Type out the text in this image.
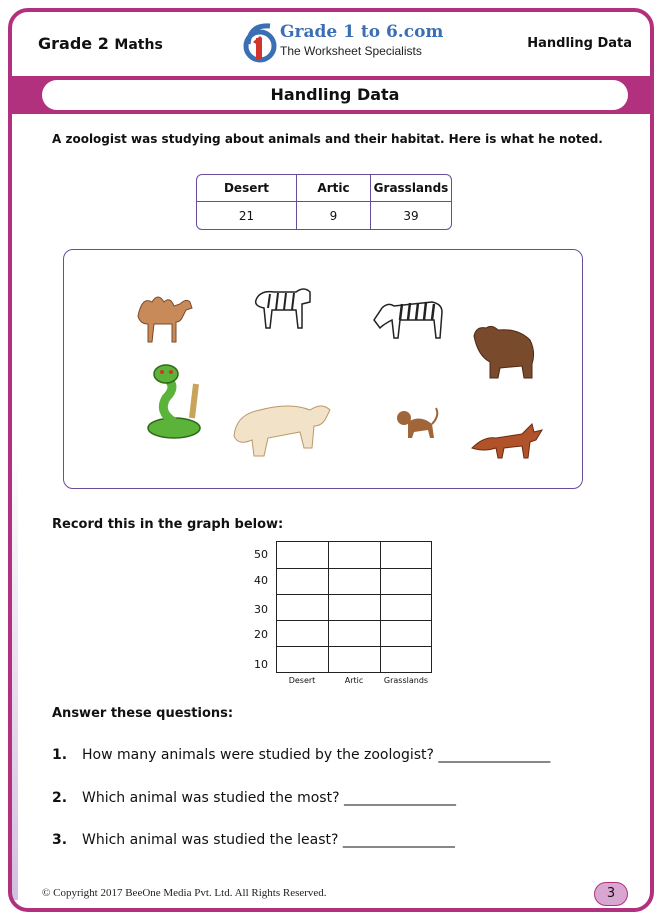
Grade 2 Maths
Grade 1 to 6.com
The Worksheet Specialists	Handling Data
Handling Data
A zoologist was studying about animals and their habitat. Here is what he noted.
Desert	Artic	Grasslands
21	9	39
Record this in the graph below:
50
40
30
20
10
Desert	Artic	Grasslands
Answer these questions:
1. How many animals were studied by the zoologist? ________________
2. Which animal was studied the most? ________________
3. Which animal was studied the least? ________________
© Copyright 2017 BeeOne Media Pvt. Ltd. All Rights Reserved.	3
